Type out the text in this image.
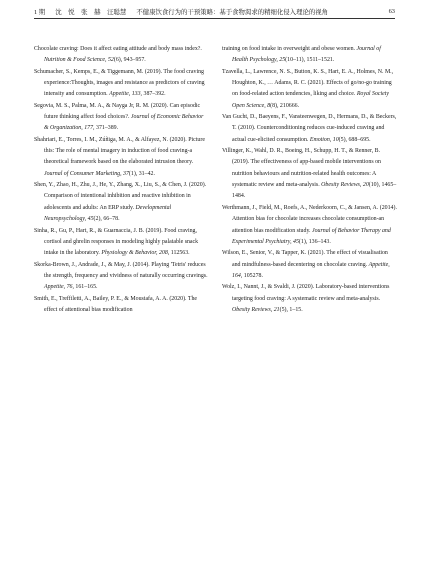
1 期 沈 悦 张 赫 汪聪慧 不健康饮食行为的干预策略：基于食物渴求的精细化侵入理论的视角	63

Chocolate craving: Does it affect eating attitude and body mass index?. Nutrition & Food Science, 52(6), 943–957.

Schumacher, S., Kemps, E., & Tiggemann, M. (2019). The food craving experience:Thoughts, images and resistance as predictors of craving intensity and consumption. Appetite, 133, 387–392.

Segovia, M. S., Palma, M. A., & Nayga Jr, R. M. (2020). Can episodic future thinking affect food choices?. Journal of Economic Behavior & Organization, 177, 371–389.

Shahriari, E., Torres, I. M., Zúñiga, M. A., & Alfayez, N. (2020). Picture this: The role of mental imagery in induction of food craving-a theoretical framework based on the elaborated intrusion theory. Journal of Consumer Marketing, 37(1), 31–42.

Shen, Y., Zhao, H., Zhu, J., He, Y., Zhang, X., Liu, S., & Chen, J. (2020). Comparison of intentional inhibition and reactive inhibition in adolescents and adults: An ERP study. Developmental Neuropsychology, 45(2), 66–78.

Sinha, R., Gu, P., Hart, R., & Guarnaccia, J. B. (2019). Food craving, cortisol and ghrelin responses in modeling highly palatable snack intake in the laboratory. Physiology & Behavior, 208, 112563.

Skorka-Brown, J., Andrade, J., & May, J. (2014). Playing 'Tetris' reduces the strength, frequency and vividness of naturally occurring cravings. Appetite, 76, 161–165.

Smith, E., Treffiletti, A., Bailey, P. E., & Moustafa, A. A. (2020). The effect of attentional bias modification

training on food intake in overweight and obese women. Journal of Health Psychology, 25(10–11), 1511–1521.

Tzavella, L., Lawrence, N. S., Button, K. S., Hart, E. A., Holmes, N. M., Houghton, K., … Adams, R. C. (2021). Effects of go/no-go training on food-related action tendencies, liking and choice. Royal Society Open Science, 8(8), 210666.

Van Gucht, D., Baeyens, F., Vansteenwegen, D., Hermans, D., & Beckers, T. (2010). Counterconditioning reduces cue-induced craving and actual cue-elicited consumption. Emotion, 10(5), 688–695.

Villinger, K., Wahl, D. R., Boeing, H., Schupp, H. T., & Renner, B. (2019). The effectiveness of app-based mobile interventions on nutrition behaviours and nutrition-related health outcomes: A systematic review and meta-analysis. Obesity Reviews, 20(10), 1465–1484.

Werthmann, J., Field, M., Roefs, A., Nederkoorn, C., & Jansen, A. (2014). Attention bias for chocolate increases chocolate consumption-an attention bias modification study. Journal of Behavior Therapy and Experimental Psychiatry, 45(1), 136–143.

Wilson, E., Senior, V., & Tapper, K. (2021). The effect of visualisation and mindfulness-based decentering on chocolate craving. Appetite, 164, 105278.

Wolz, I., Nannt, J., & Svaldi, J. (2020). Laboratory-based interventions targeting food craving: A systematic review and meta-analysis. Obesity Reviews, 21(5), 1–15.
